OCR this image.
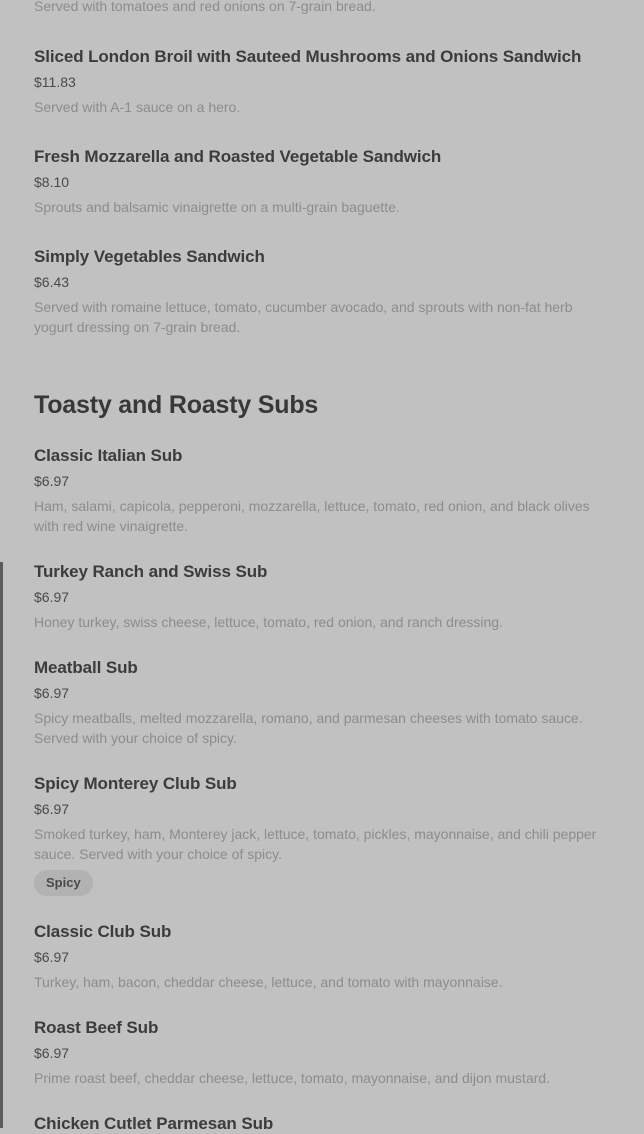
Served with tomatoes and red onions on 7-grain bread.

Sliced London Broil with Sauteed Mushrooms and Onions Sandwich

$11.83

Served with A-1 sauce on a hero.

Fresh Mozzarella and Roasted Vegetable Sandwich

$8.10

Sprouts and balsamic vinaigrette on a multi-grain baguette.

Simply Vegetables Sandwich

$6.43

Served with romaine lettuce, tomato, cucumber avocado, and sprouts with non-fat herb yogurt dressing on 7-grain bread.

Toasty and Roasty Subs
Classic Italian Sub

$6.97

Ham, salami, capicola, pepperoni, mozzarella, lettuce, tomato, red onion, and black olives with red wine vinaigrette.

Turkey Ranch and Swiss Sub

$6.97

Honey turkey, swiss cheese, lettuce, tomato, red onion, and ranch dressing.

Meatball Sub

$6.97

Spicy meatballs, melted mozzarella, romano, and parmesan cheeses with tomato sauce. Served with your choice of spicy.

Spicy Monterey Club Sub

$6.97

Smoked turkey, ham, Monterey jack, lettuce, tomato, pickles, mayonnaise, and chili pepper sauce. Served with your choice of spicy.

Spicy
Classic Club Sub

$6.97

Turkey, ham, bacon, cheddar cheese, lettuce, and tomato with mayonnaise.

Roast Beef Sub

$6.97

Prime roast beef, cheddar cheese, lettuce, tomato, mayonnaise, and dijon mustard.

Chicken Cutlet Parmesan Sub
